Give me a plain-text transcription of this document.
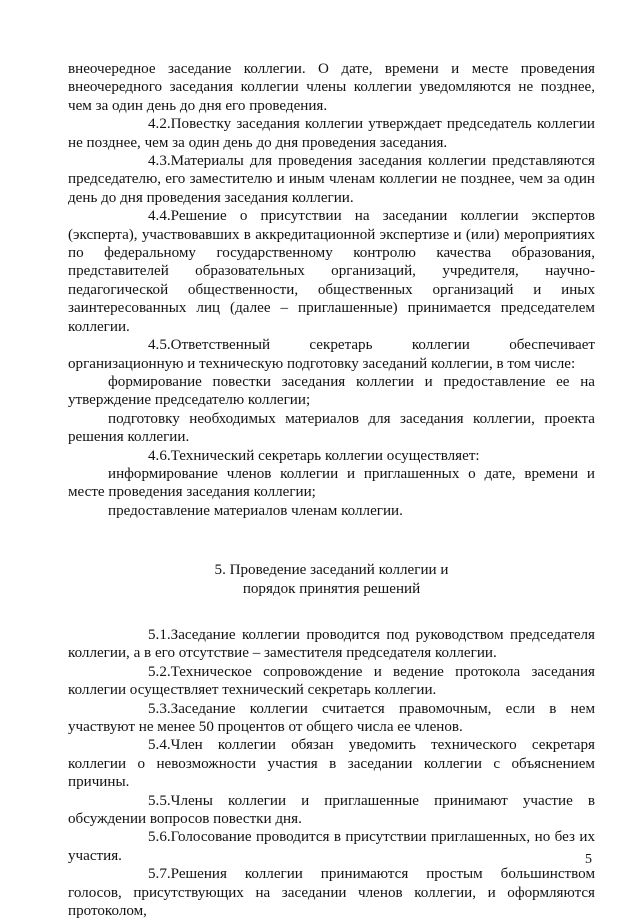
внеочередное заседание коллегии. О дате, времени и месте проведения внеочередного заседания коллегии члены коллегии уведомляются не позднее, чем за один день до дня его проведения.

4.2.Повестку заседания коллегии утверждает председатель коллегии не позднее, чем за один день до дня проведения заседания.

4.3.Материалы для проведения заседания коллегии представляются председателю, его заместителю и иным членам коллегии не позднее, чем за один день до дня проведения заседания коллегии.

4.4.Решение о присутствии на заседании коллегии экспертов (эксперта), участвовавших в аккредитационной экспертизе и (или) мероприятиях по федеральному государственному контролю качества образования, представителей образовательных организаций, учредителя, научно-педагогической общественности, общественных организаций и иных заинтересованных лиц (далее – приглашенные) принимается председателем коллегии.

4.5.Ответственный секретарь коллегии обеспечивает организационную и техническую подготовку заседаний коллегии, в том числе:

формирование повестки заседания коллегии и предоставление ее на утверждение председателю коллегии;

подготовку необходимых материалов для заседания коллегии, проекта решения коллегии.

4.6.Технический секретарь коллегии осуществляет:

информирование членов коллегии и приглашенных о дате, времени и месте проведения заседания коллегии;

предоставление материалов членам коллегии.

5. Проведение заседаний коллегии и
порядок принятия решений

5.1.Заседание коллегии проводится под руководством председателя коллегии, а в его отсутствие – заместителя председателя коллегии.

5.2.Техническое сопровождение и ведение протокола заседания коллегии осуществляет технический секретарь коллегии.

5.3.Заседание коллегии считается правомочным, если в нем участвуют не менее 50 процентов от общего числа ее членов.

5.4.Член коллегии обязан уведомить технического секретаря коллегии о невозможности участия в заседании коллегии с объяснением причины.

5.5.Члены коллегии и приглашенные принимают участие в обсуждении вопросов повестки дня.

5.6.Голосование проводится в присутствии приглашенных, но без их участия.

5.7.Решения коллегии принимаются простым большинством голосов, присутствующих на заседании членов коллегии, и оформляются протоколом,

5
